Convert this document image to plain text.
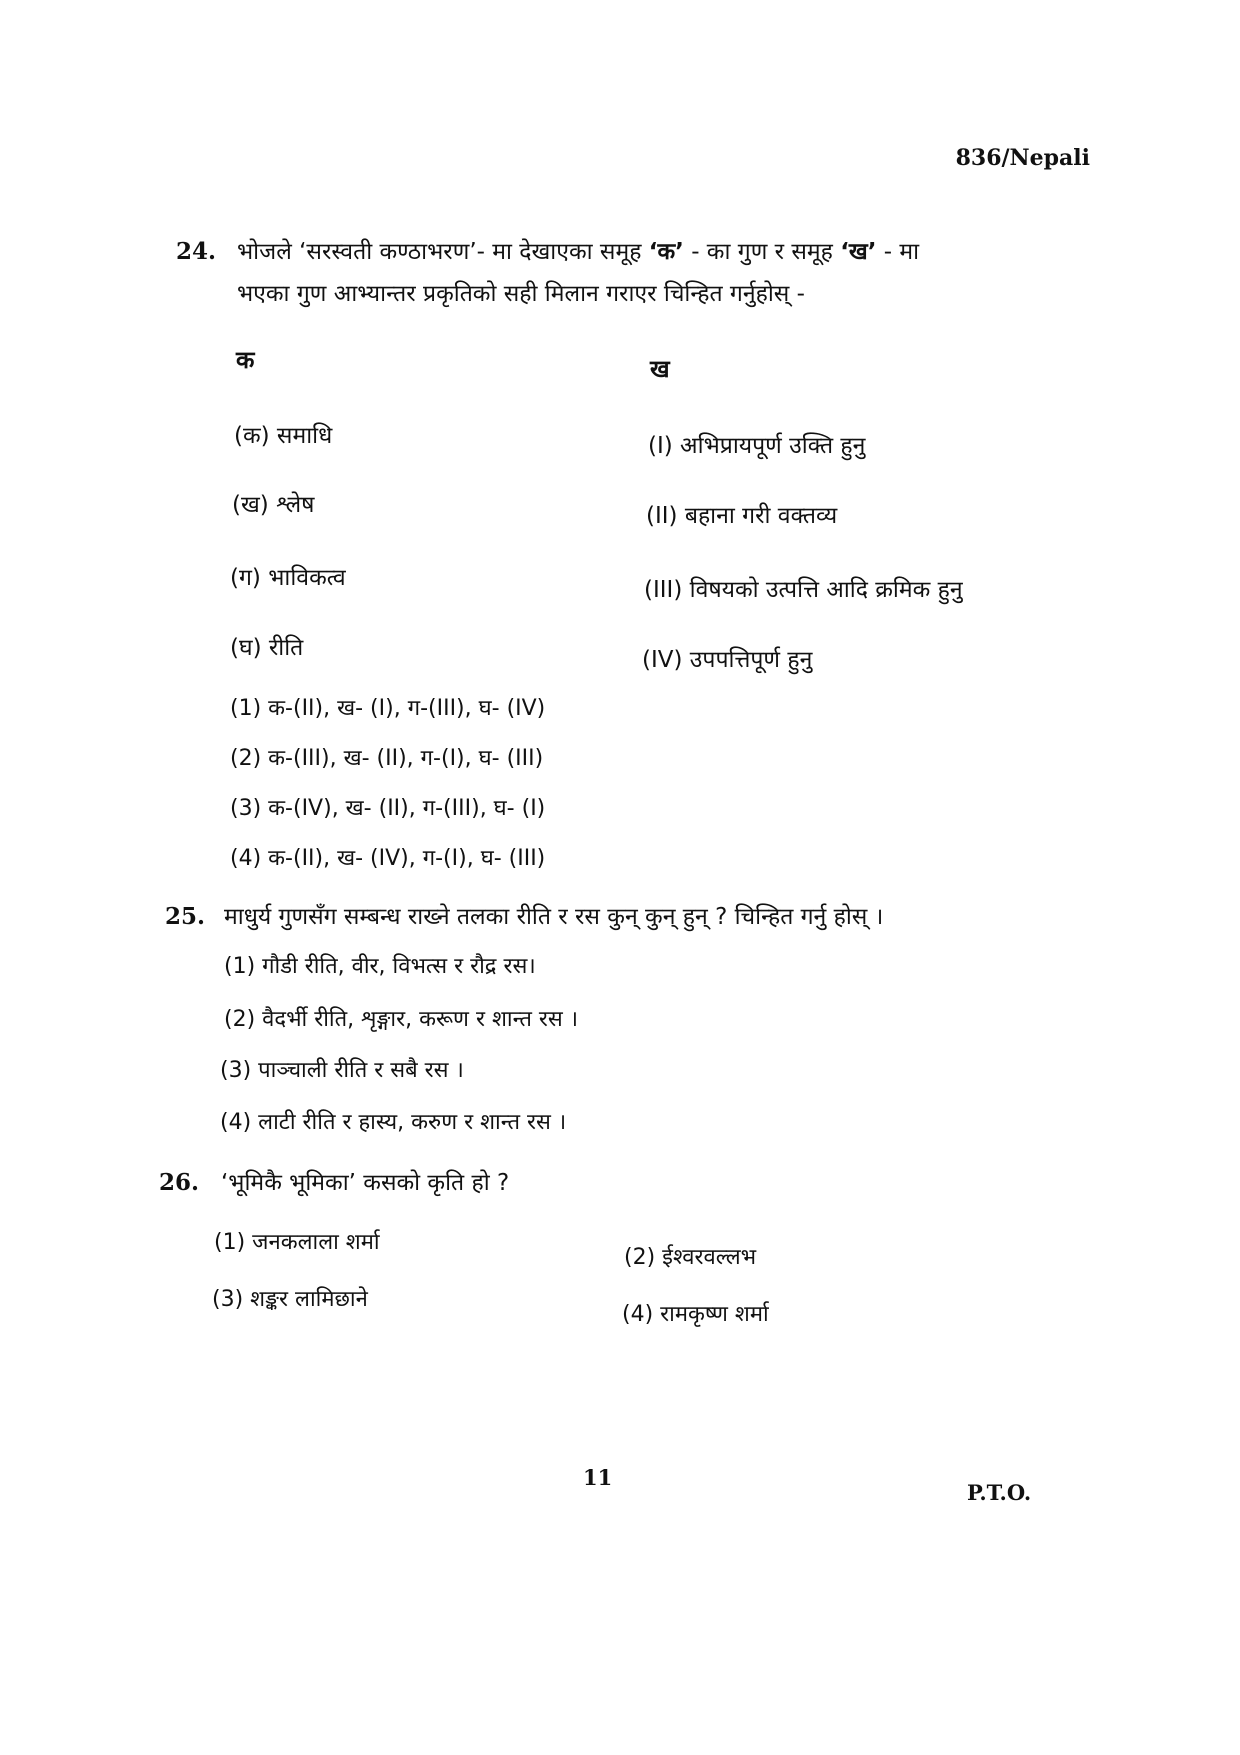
836/Nepali
24. भोजले ‘सरस्वती कण्ठाभरण’- मा देखाएका समूह ‘क’ - का गुण र समूह ‘ख’ - मा
भएका गुण आभ्यान्तर प्रकृतिको सही मिलान गराएर चिन्हित गर्नुहोस् -
क	ख
(क) समाधि
(ख) श्लेष
(ग) भाविकत्व
(घ) रीति
(I) अभिप्रायपूर्ण उक्ति हुनु
(II) बहाना गरी वक्तव्य
(III) विषयको उत्पत्ति आदि क्रमिक हुनु
(IV) उपपत्तिपूर्ण हुनु
(1) क-(II), ख- (I), ग-(III), घ- (IV)
(2) क-(III), ख- (II), ग-(I), घ- (III)
(3) क-(IV), ख- (II), ग-(III), घ- (I)
(4) क-(II), ख- (IV), ग-(I), घ- (III)
25. माधुर्य गुणसँग सम्बन्ध राख्ने तलका रीति र रस कुन् कुन् हुन् ? चिन्हित गर्नु होस् ।
(1) गौडी रीति, वीर, विभत्स र रौद्र रस।
(2) वैदर्भी रीति, शृङ्गार, करूण र शान्त रस ।
(3) पाञ्चाली रीति र सबै रस ।
(4) लाटी रीति र हास्य, करुण र शान्त रस ।
26. ‘भूमिकै भूमिका’ कसको कृति हो ?
(1) जनकलाला शर्मा
(2) ईश्वरवल्लभ
(3) शङ्कर लामिछाने
(4) रामकृष्ण शर्मा
11
P.T.O.
